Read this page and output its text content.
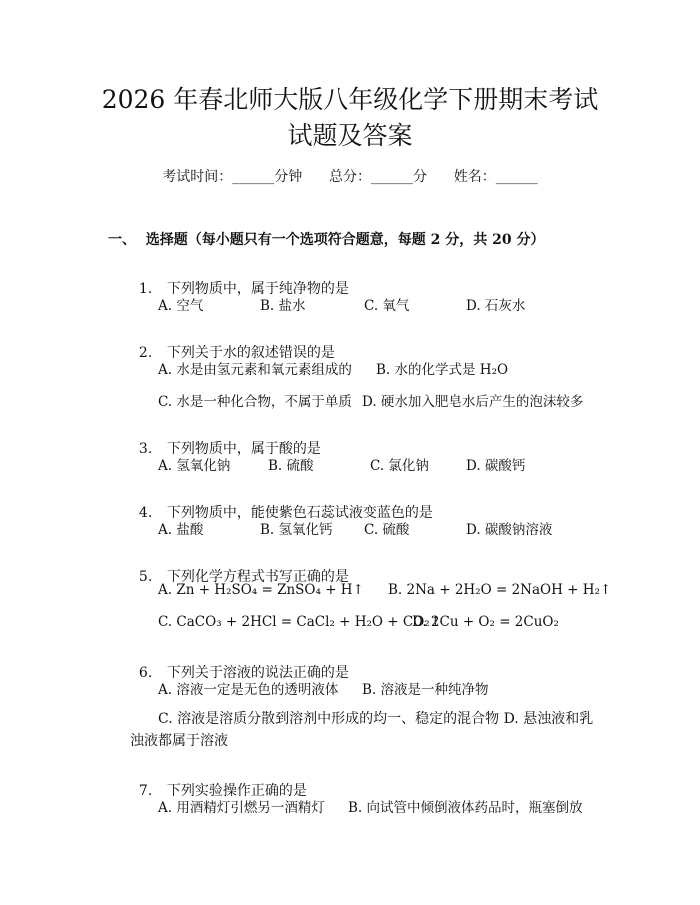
2026 年春北师大版八年级化学下册期末考试
试题及答案
考试时间：______分钟      总分：______分      姓名：______
一、  选择题（每小题只有一个选项符合题意，每题 2 分，共 20 分）

1. 下列物质中，属于纯净物的是

A. 空气	B. 盐水	C. 氧气	D. 石灰水

2. 下列关于水的叙述错误的是

A. 水是由氢元素和氧元素组成的 B. 水的化学式是 H₂O
C. 水是一种化合物，不属于单质 D. 硬水加入肥皂水后产生的泡沫较多

3. 下列物质中，属于酸的是

A. 氢氧化钠	B. 硫酸	C. 氯化钠	D. 碳酸钙

4. 下列物质中，能使紫色石蕊试液变蓝色的是

A. 盐酸	B. 氢氧化钙 C. 硫酸	D. 碳酸钠溶液

5. 下列化学方程式书写正确的是

A. Zn + H₂SO₄ = ZnSO₄ + H↑ B. 2Na + 2H₂O = 2NaOH + H₂↑
C. CaCO₃ + 2HCl = CaCl₂ + H₂O + CO₂↑
D. 2Cu + O₂ = 2CuO₂

6. 下列关于溶液的说法正确的是

A. 溶液一定是无色的透明液体 B. 溶液是一种纯净物
C. 溶液是溶质分散到溶剂中形成的均一、稳定的混合物 D. 悬浊液和乳浊液都属于溶液

7. 下列实验操作正确的是

A. 用酒精灯引燃另一酒精灯 B. 向试管中倾倒液体药品时，瓶塞倒放
